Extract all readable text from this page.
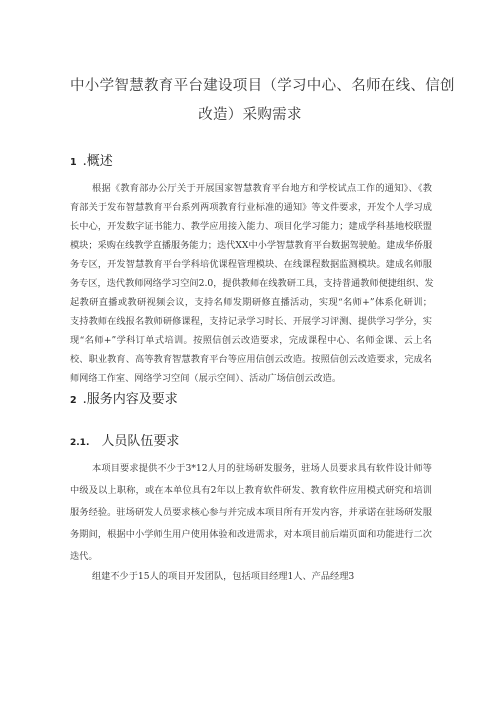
中小学智慧教育平台建设项目（学习中心、名师在线、信创
改造）采购需求
1 .概述
根据《教育部办公厅关于开展国家智慧教育平台地方和学校试点工作的通知》、《教
育部关于发布智慧教育平台系列两项教育行业标准的通知》等文件要求，开发个人学习成
长中心，开发数字证书能力、教学应用接入能力、项目化学习能力；建成学科基地校联盟
模块；采购在线教学直播服务能力；迭代XX中小学智慧教育平台数据驾驶舱。建成华侨服
务专区，开发智慧教育平台学科培优课程管理模块、在线课程数据监测模块。建成名师服
务专区，迭代教师网络学习空间2.0，提供教师在线教研工具，支持普通教师便捷组织、发
起教研直播或教研视频会议，支持名师发期研修直播活动，实现“名师+”体系化研训；
支持教师在线报名教师研修课程，支持记录学习时长、开展学习评测、提供学习学分，实
现“名师+”学科订单式培训。按照信创云改造要求，完成课程中心、名师金课、云上名
校、职业教育、高等教育智慧教育平台等应用信创云改造。按照信创云改造要求，完成名
师网络工作室、网络学习空间（展示空间）、活动广场信创云改造。
2 .服务内容及要求
2.1. 人员队伍要求
本项目要求提供不少于3*12人月的驻场研发服务，驻场人员要求具有软件设计师等
中级及以上职称，或在本单位具有2年以上教育软件研发、教育软件应用模式研究和培训
服务经验。驻场研发人员要求核心参与并完成本项目所有开发内容，并承诺在驻场研发服
务期间，根据中小学师生用户使用体验和改进需求，对本项目前后端页面和功能进行二次
迭代。
组建不少于15人的项目开发团队，包括项目经理1人、产品经理3
